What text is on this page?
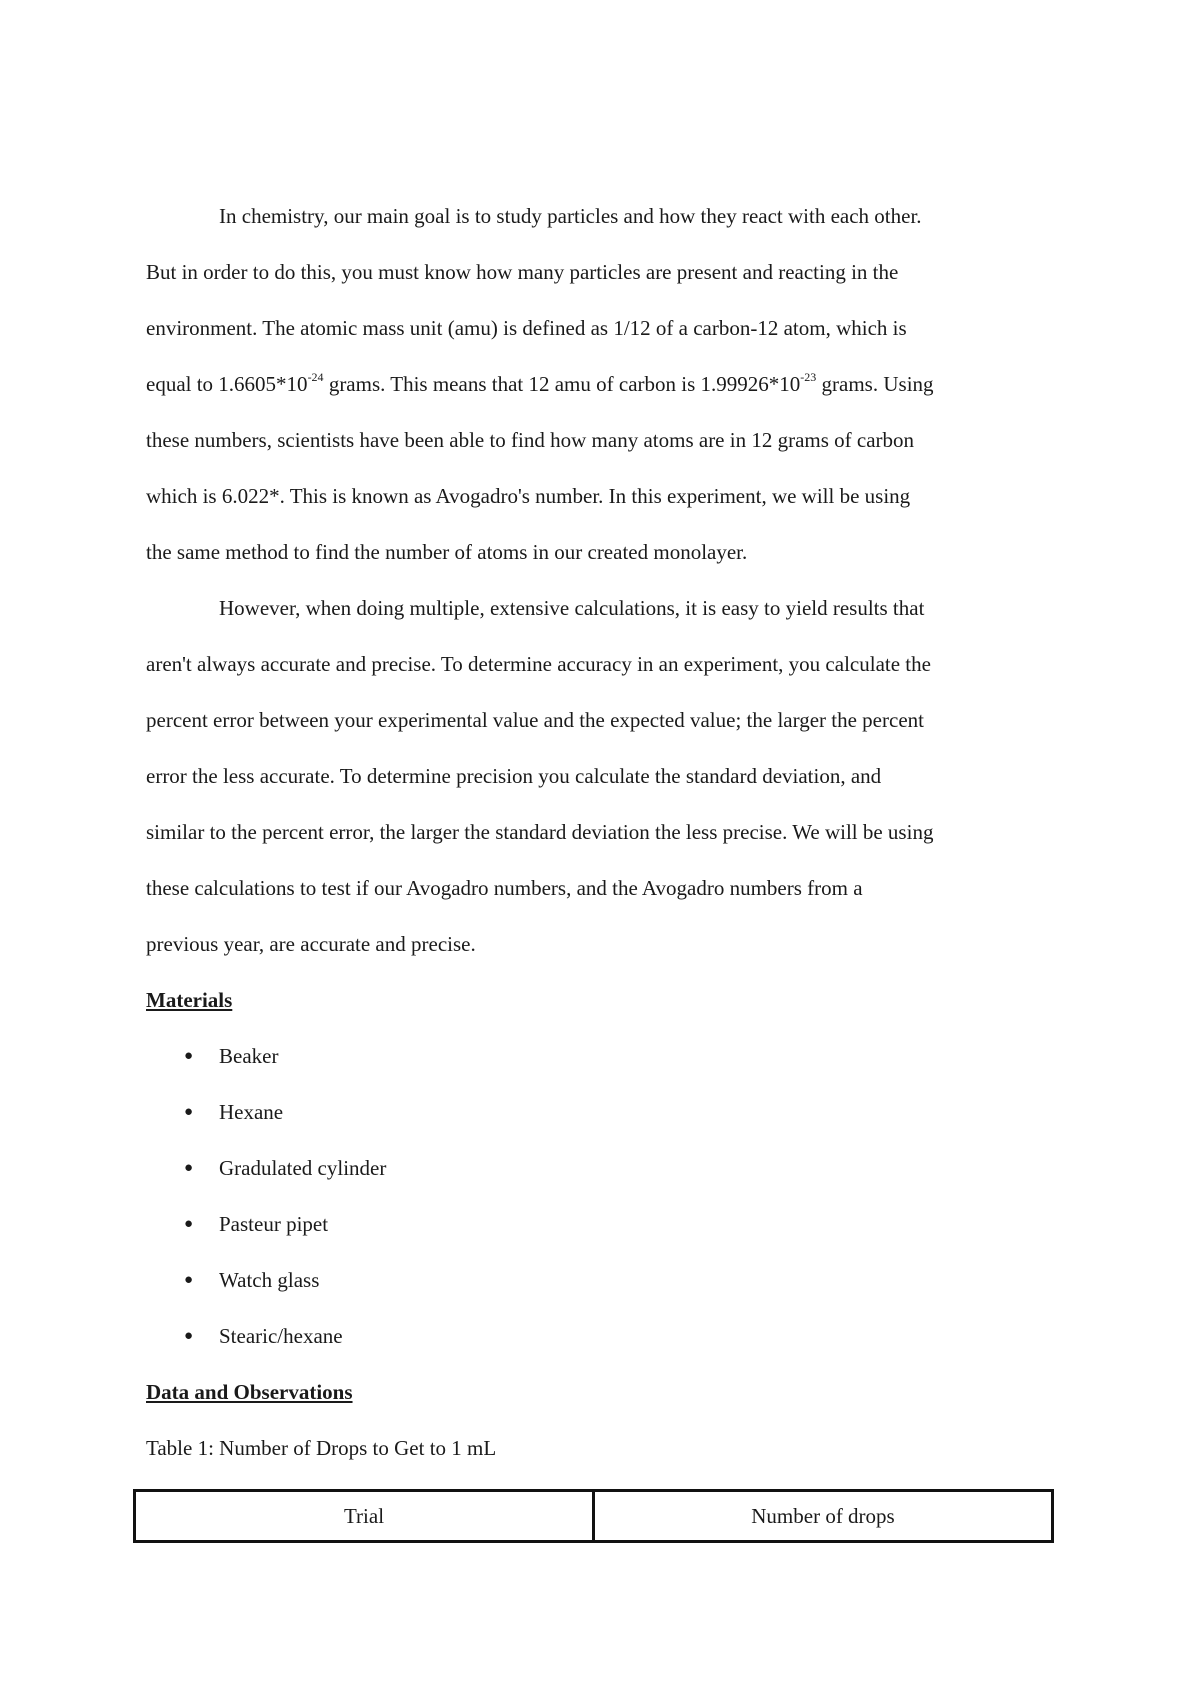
In chemistry, our main goal is to study particles and how they react with each other.
But in order to do this, you must know how many particles are present and reacting in the
environment. The atomic mass unit (amu) is defined as 1/12 of a carbon-12 atom, which is
equal to $1.6605*10^{-24}$ grams. This means that 12 amu of carbon is $1.99926*10^{-23}$ grams. Using
these numbers, scientists have been able to find how many atoms are in 12 grams of carbon
which is 6.022*. This is known as Avogadro's number. In this experiment, we will be using
the same method to find the number of atoms in our created monolayer.
However, when doing multiple, extensive calculations, it is easy to yield results that
aren't always accurate and precise. To determine accuracy in an experiment, you calculate the
percent error between your experimental value and the expected value; the larger the percent
error the less accurate. To determine precision you calculate the standard deviation, and
similar to the percent error, the larger the standard deviation the less precise. We will be using
these calculations to test if our Avogadro numbers, and the Avogadro numbers from a
previous year, are accurate and precise.
Materials
● Beaker
● Hexane
● Gradulated cylinder
● Pasteur pipet
● Watch glass
● Stearic/hexane
Data and Observations
Table 1: Number of Drops to Get to 1 mL
Trial	Number of drops
